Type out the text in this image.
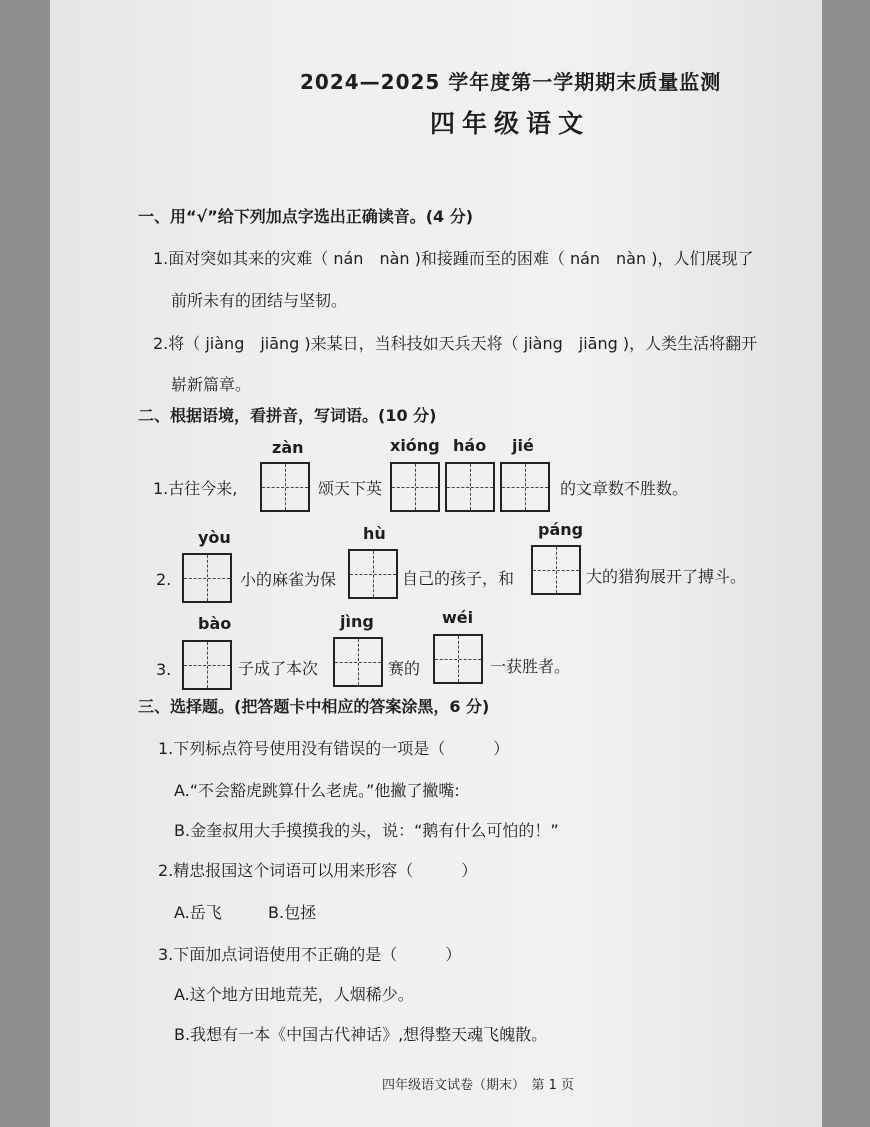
2024—2025 学年度第一学期期末质量监测
四年级语文
一、用“√”给下列加点字选出正确读音。(4 分)
1.面对突如其来的灾难（ nán　nàn )和接踵而至的困难（ nán　nàn )，人们展现了
前所未有的团结与坚韧。
2.将（ jiàng　jiāng )来某日，当科技如天兵天将（ jiàng　jiāng )，人类生活将翻开
崭新篇章。
二、根据语境，看拼音，写词语。(10 分)
zàn	xióng háo jié
1.古往今来,	颂天下英	的文章数不胜数。
yòu	hù	páng
2.	小的麻雀为保	自己的孩子，和	大的猎狗展开了搏斗。
bào	jìng	wéi
3.	子成了本次	赛的	一获胜者。
三、选择题。(把答题卡中相应的答案涂黑，6 分)
1.下列标点符号使用没有错误的一项是（　　　）
A.“不会豁虎跳算什么老虎。”他撇了撇嘴:
B.金奎叔用大手摸摸我的头，说：“鹅有什么可怕的！”
2.精忠报国这个词语可以用来形容（　　　）
A.岳飞	B.包拯
3.下面加点词语使用不正确的是（　　　）
A.这个地方田地荒芜，人烟稀少。
B.我想有一本《中国古代神话》,想得整天魂飞魄散。
四年级语文试卷（期末）　第 1 页
